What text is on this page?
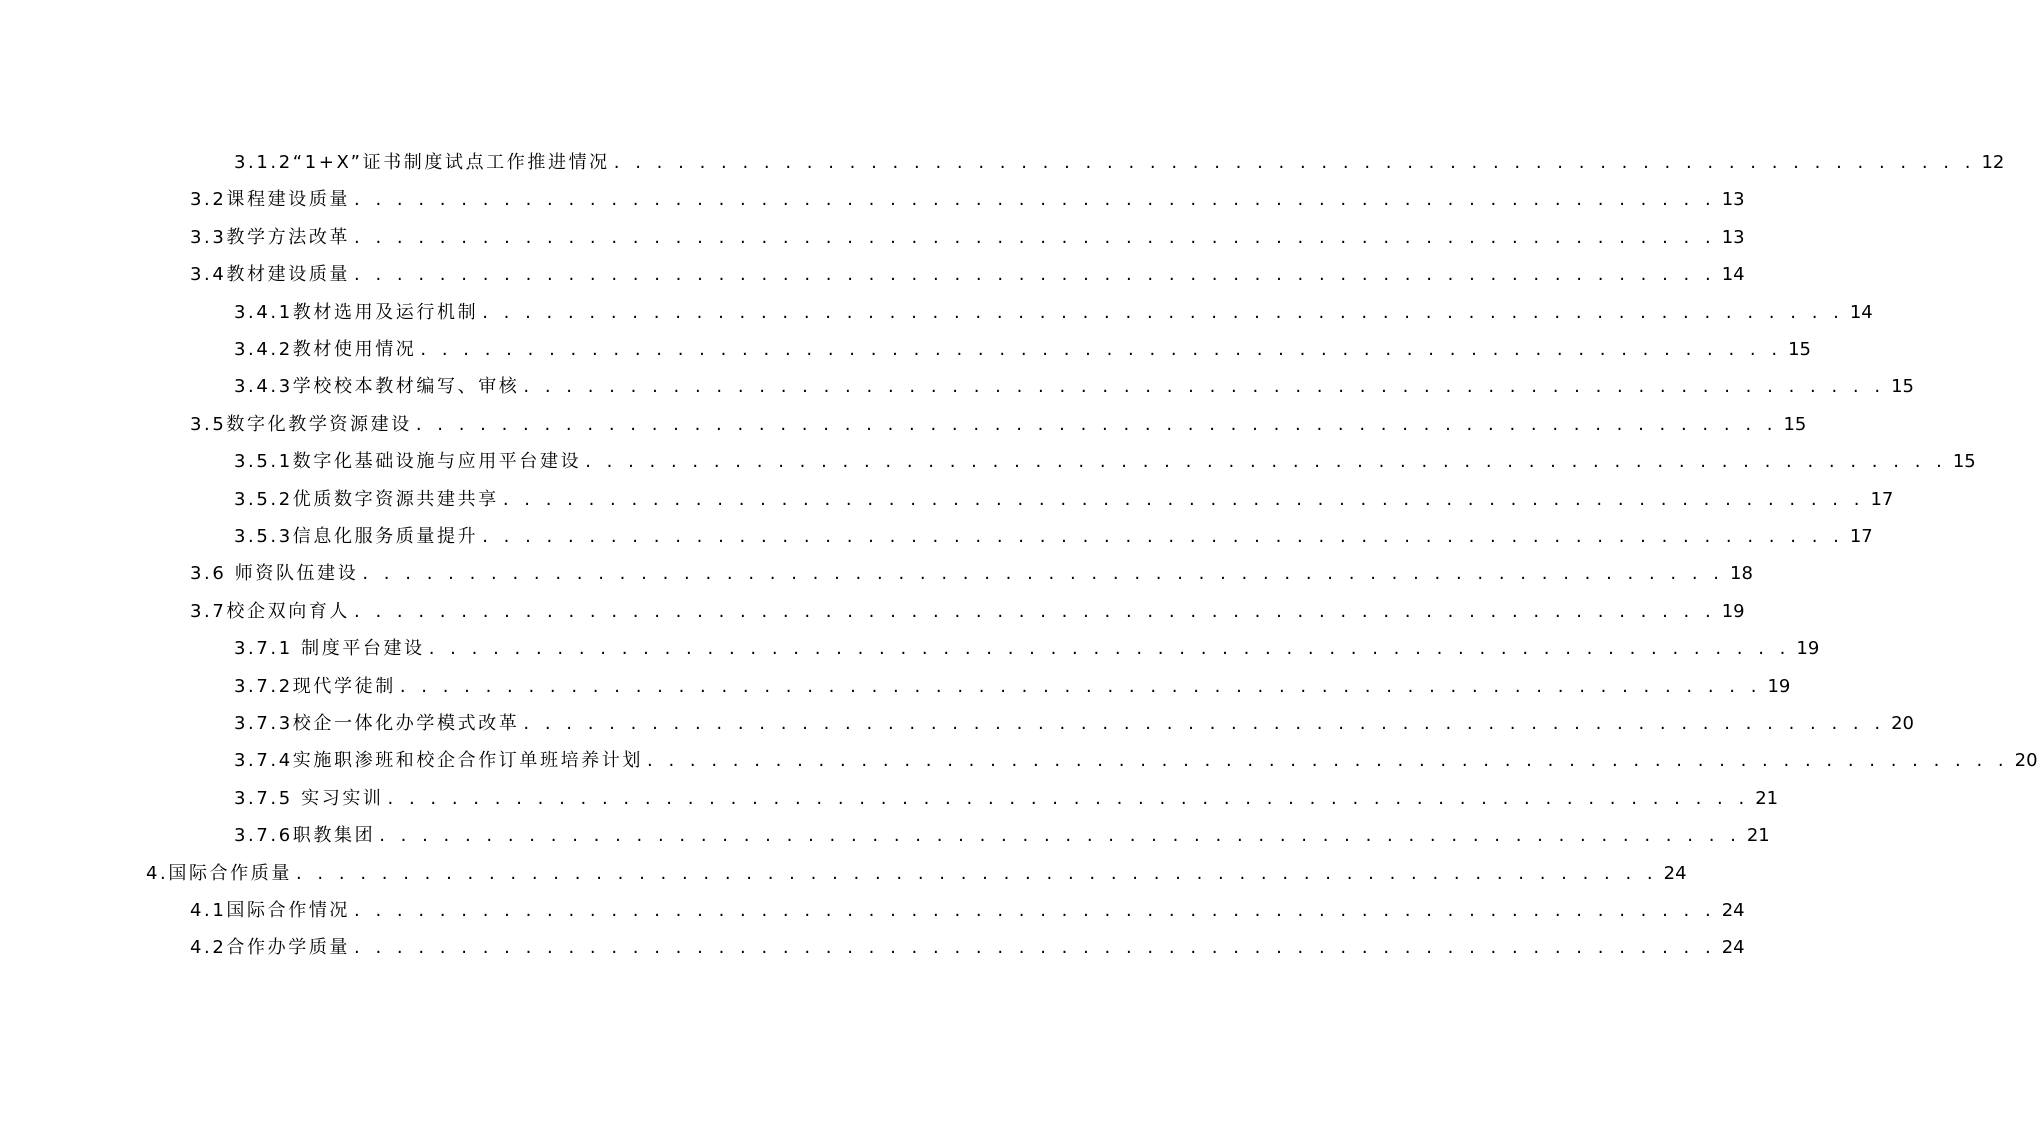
3.1.2“1+X”证书制度试点工作推进情况 . . . . . . . . . . . . . . . . . . . . . . . . . . . . . . . . . . . . . . . . . . . . . . . . . . . . . . . . . . . . . . . . 12
3.2课程建设质量 . . . . . . . . . . . . . . . . . . . . . . . . . . . . . . . . . . . . . . . . . . . . . . . . . . . . . . . . . . . . . . . . 13
3.3教学方法改革 . . . . . . . . . . . . . . . . . . . . . . . . . . . . . . . . . . . . . . . . . . . . . . . . . . . . . . . . . . . . . . . . 13
3.4教材建设质量 . . . . . . . . . . . . . . . . . . . . . . . . . . . . . . . . . . . . . . . . . . . . . . . . . . . . . . . . . . . . . . . . 14
3.4.1教材选用及运行机制 . . . . . . . . . . . . . . . . . . . . . . . . . . . . . . . . . . . . . . . . . . . . . . . . . . . . . . . . . . . . . . . . 14
3.4.2教材使用情况 . . . . . . . . . . . . . . . . . . . . . . . . . . . . . . . . . . . . . . . . . . . . . . . . . . . . . . . . . . . . . . . . 15
3.4.3学校校本教材编写、审核 . . . . . . . . . . . . . . . . . . . . . . . . . . . . . . . . . . . . . . . . . . . . . . . . . . . . . . . . . . . . . . . . 15
3.5数字化教学资源建设 . . . . . . . . . . . . . . . . . . . . . . . . . . . . . . . . . . . . . . . . . . . . . . . . . . . . . . . . . . . . . . . . 15
3.5.1数字化基础设施与应用平台建设 . . . . . . . . . . . . . . . . . . . . . . . . . . . . . . . . . . . . . . . . . . . . . . . . . . . . . . . . . . . . . . . . 15
3.5.2优质数字资源共建共享 . . . . . . . . . . . . . . . . . . . . . . . . . . . . . . . . . . . . . . . . . . . . . . . . . . . . . . . . . . . . . . . . 17
3.5.3信息化服务质量提升 . . . . . . . . . . . . . . . . . . . . . . . . . . . . . . . . . . . . . . . . . . . . . . . . . . . . . . . . . . . . . . . . 17
3.6 师资队伍建设 . . . . . . . . . . . . . . . . . . . . . . . . . . . . . . . . . . . . . . . . . . . . . . . . . . . . . . . . . . . . . . . . 18
3.7校企双向育人 . . . . . . . . . . . . . . . . . . . . . . . . . . . . . . . . . . . . . . . . . . . . . . . . . . . . . . . . . . . . . . . . 19
3.7.1 制度平台建设 . . . . . . . . . . . . . . . . . . . . . . . . . . . . . . . . . . . . . . . . . . . . . . . . . . . . . . . . . . . . . . . . 19
3.7.2现代学徒制 . . . . . . . . . . . . . . . . . . . . . . . . . . . . . . . . . . . . . . . . . . . . . . . . . . . . . . . . . . . . . . . . 19
3.7.3校企一体化办学模式改革 . . . . . . . . . . . . . . . . . . . . . . . . . . . . . . . . . . . . . . . . . . . . . . . . . . . . . . . . . . . . . . . . 20
3.7.4实施职渗班和校企合作订单班培养计划 . . . . . . . . . . . . . . . . . . . . . . . . . . . . . . . . . . . . . . . . . . . . . . . . . . . . . . . . . . . . . . . . 20
3.7.5 实习实训 . . . . . . . . . . . . . . . . . . . . . . . . . . . . . . . . . . . . . . . . . . . . . . . . . . . . . . . . . . . . . . . . 21
3.7.6职教集团 . . . . . . . . . . . . . . . . . . . . . . . . . . . . . . . . . . . . . . . . . . . . . . . . . . . . . . . . . . . . . . . . 21
4.国际合作质量 . . . . . . . . . . . . . . . . . . . . . . . . . . . . . . . . . . . . . . . . . . . . . . . . . . . . . . . . . . . . . . . . 24
4.1国际合作情况 . . . . . . . . . . . . . . . . . . . . . . . . . . . . . . . . . . . . . . . . . . . . . . . . . . . . . . . . . . . . . . . . 24
4.2合作办学质量 . . . . . . . . . . . . . . . . . . . . . . . . . . . . . . . . . . . . . . . . . . . . . . . . . . . . . . . . . . . . . . . . 24
